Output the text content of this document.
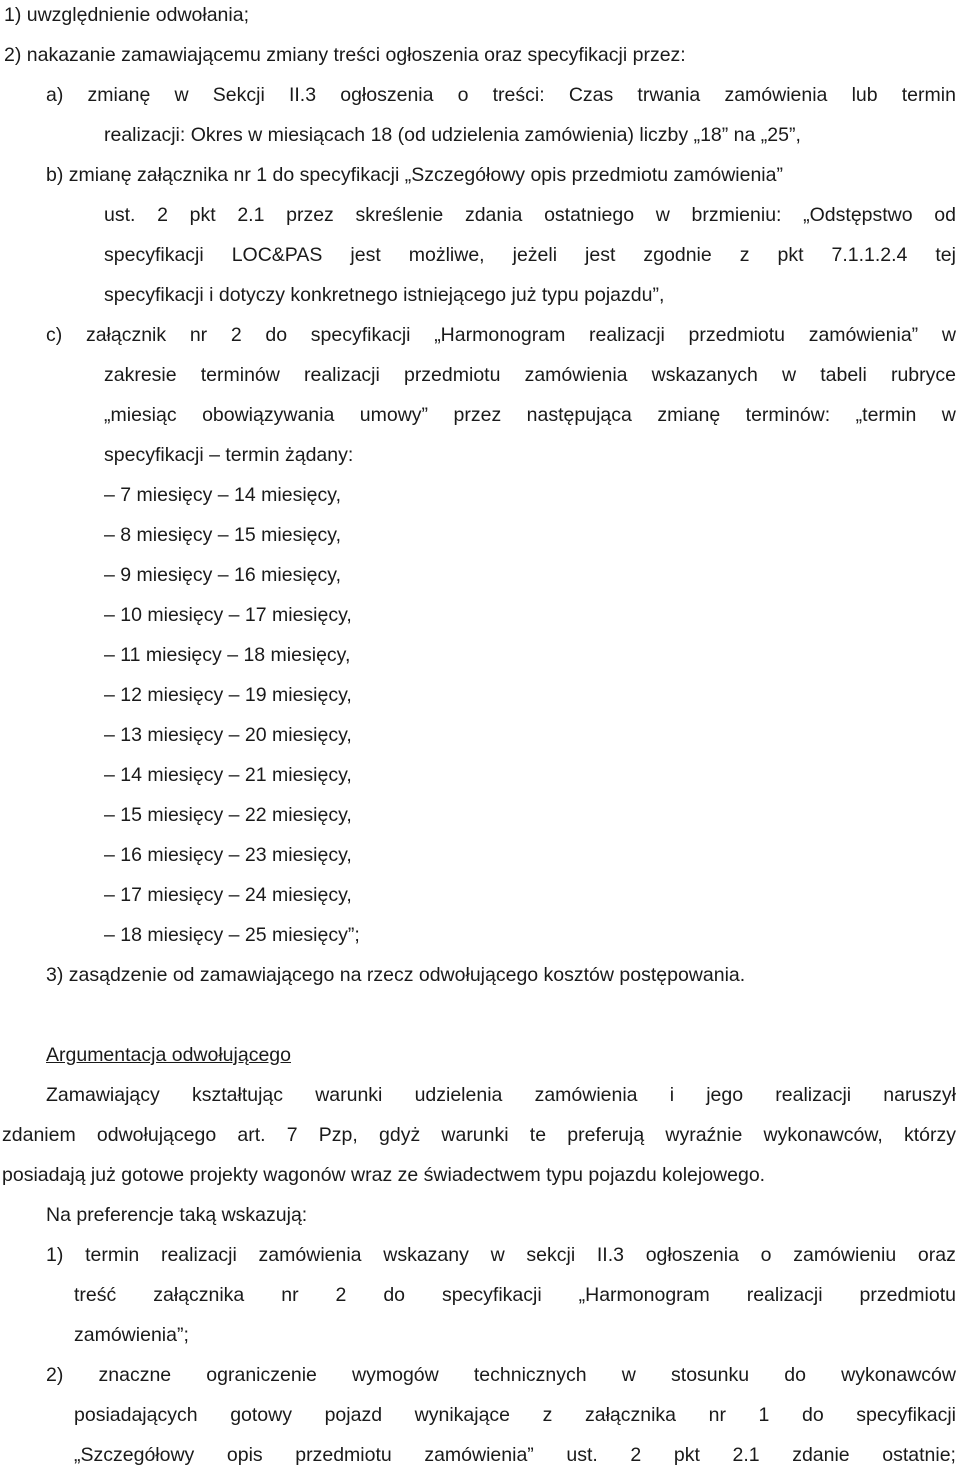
1) uwzględnienie odwołania;
2) nakazanie zamawiającemu zmiany treści ogłoszenia oraz specyfikacji przez:
a) zmianę w Sekcji II.3 ogłoszenia o treści: Czas trwania zamówienia lub termin
realizacji: Okres w miesiącach 18 (od udzielenia zamówienia) liczby „18” na „25”,
b) zmianę załącznika nr 1 do specyfikacji „Szczegółowy opis przedmiotu zamówienia”
ust. 2 pkt 2.1 przez skreślenie zdania ostatniego w brzmieniu: „Odstępstwo od
specyfikacji LOC&PAS jest możliwe, jeżeli jest zgodnie z pkt 7.1.1.2.4 tej
specyfikacji i dotyczy konkretnego istniejącego już typu pojazdu”,
c) załącznik nr 2 do specyfikacji „Harmonogram realizacji przedmiotu zamówienia” w
zakresie terminów realizacji przedmiotu zamówienia wskazanych w tabeli rubryce
„miesiąc obowiązywania umowy” przez następująca zmianę terminów: „termin w
specyfikacji – termin żądany:
– 7 miesięcy – 14 miesięcy,
– 8 miesięcy – 15 miesięcy,
– 9 miesięcy – 16 miesięcy,
– 10 miesięcy – 17 miesięcy,
– 11 miesięcy – 18 miesięcy,
– 12 miesięcy – 19 miesięcy,
– 13 miesięcy – 20 miesięcy,
– 14 miesięcy – 21 miesięcy,
– 15 miesięcy – 22 miesięcy,
– 16 miesięcy – 23 miesięcy,
– 17 miesięcy – 24 miesięcy,
– 18 miesięcy – 25 miesięcy”;
3) zasądzenie od zamawiającego na rzecz odwołującego kosztów postępowania.
Argumentacja odwołującego
Zamawiający kształtując warunki udzielenia zamówienia i jego realizacji naruszył
zdaniem odwołującego art. 7 Pzp, gdyż warunki te preferują wyraźnie wykonawców, którzy
posiadają już gotowe projekty wagonów wraz ze świadectwem typu pojazdu kolejowego.
Na preferencje taką wskazują:
1) termin realizacji zamówienia wskazany w sekcji II.3 ogłoszenia o zamówieniu oraz
treść załącznika nr 2 do specyfikacji „Harmonogram realizacji przedmiotu
zamówienia”;
2) znaczne ograniczenie wymogów technicznych w stosunku do wykonawców
posiadających gotowy pojazd wynikające z załącznika nr 1 do specyfikacji
„Szczegółowy opis przedmiotu zamówienia” ust. 2 pkt 2.1 zdanie ostatnie;
